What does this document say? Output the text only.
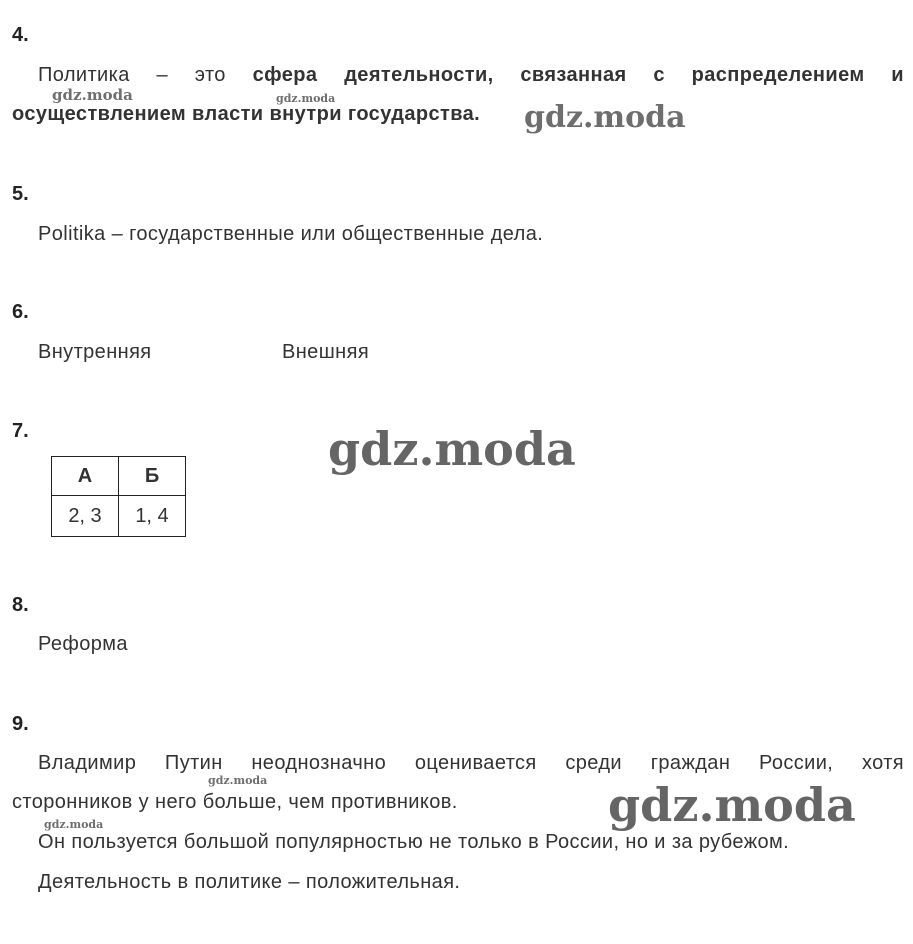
4.
Политика – это сфера деятельности, связанная с распределением и
осуществлением власти внутри государства.
5.
Politika – государственные или общественные дела.
6.
Внутренняя	Внешняя
7.
А	Б
2, 3	1, 4
8.
Реформа
9.
Владимир Путин неоднозначно оценивается среди граждан России, хотя
сторонников у него больше, чем противников.
Он пользуется большой популярностью не только в России, но и за рубежом.
Деятельность в политике – положительная.
gdz.moda	gdz.moda
gdz.moda
gdz.moda
gdz.moda	gdz.moda
gdz.moda
